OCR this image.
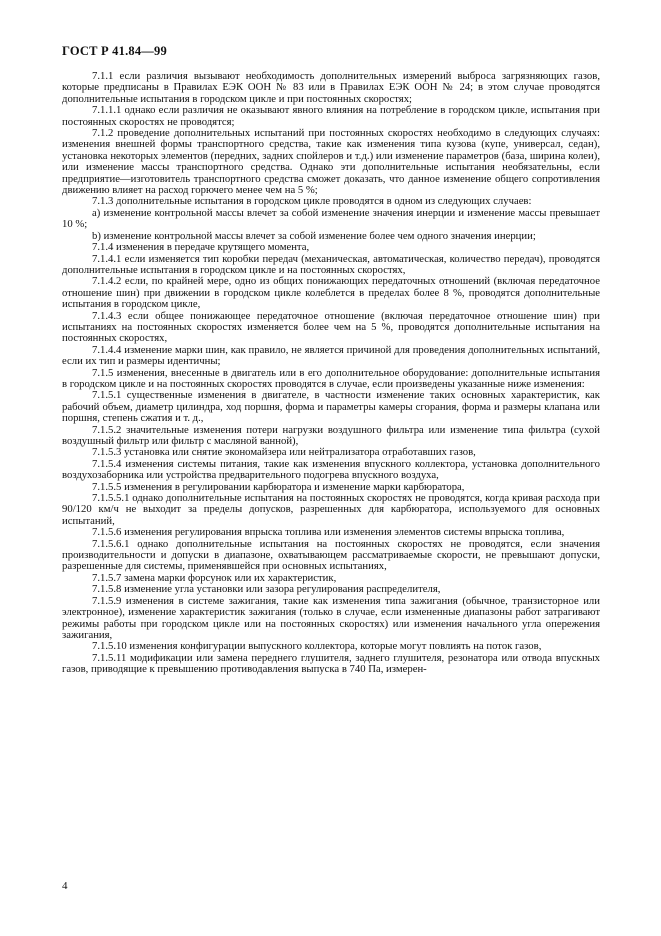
ГОСТ Р 41.84—99

7.1.1 если различия вызывают необходимость дополнительных измерений выброса загрязняющих газов, которые предписаны в Правилах ЕЭК ООН № 83 или в Правилах ЕЭК ООН № 24; в этом случае проводятся дополнительные испытания в городском цикле и при постоянных скоростях;

7.1.1.1 однако если различия не оказывают явного влияния на потребление в городском цикле, испытания при постоянных скоростях не проводятся;

7.1.2 проведение дополнительных испытаний при постоянных скоростях необходимо в следующих случаях: изменения внешней формы транспортного средства, такие как изменения типа кузова (купе, универсал, седан), установка некоторых элементов (передних, задних спойлеров и т.д.) или изменение параметров (база, ширина колеи), или изменение массы транспортного средства. Однако эти дополнительные испытания необязательны, если предприятие—изготовитель транспортного средства сможет доказать, что данное изменение общего сопротивления движению влияет на расход горючего менее чем на 5 %;

7.1.3 дополнительные испытания в городском цикле проводятся в одном из следующих случаев:

а) изменение контрольной массы влечет за собой изменение значения инерции и изменение массы превышает 10 %;

b) изменение контрольной массы влечет за собой изменение более чем одного значения инерции;

7.1.4 изменения в передаче крутящего момента,

7.1.4.1 если изменяется тип коробки передач (механическая, автоматическая, количество передач), проводятся дополнительные испытания в городском цикле и на постоянных скоростях,

7.1.4.2 если, по крайней мере, одно из общих понижающих передаточных отношений (включая передаточное отношение шин) при движении в городском цикле колеблется в пределах более 8 %, проводятся дополнительные испытания в городском цикле,

7.1.4.3 если общее понижающее передаточное отношение (включая передаточное отношение шин) при испытаниях на постоянных скоростях изменяется более чем на 5 %, проводятся дополнительные испытания на постоянных скоростях,

7.1.4.4 изменение марки шин, как правило, не является причиной для проведения дополнительных испытаний, если их тип и размеры идентичны;

7.1.5 изменения, внесенные в двигатель или в его дополнительное оборудование: дополнительные испытания в городском цикле и на постоянных скоростях проводятся в случае, если произведены указанные ниже изменения:

7.1.5.1 существенные изменения в двигателе, в частности изменение таких основных характеристик, как рабочий объем, диаметр цилиндра, ход поршня, форма и параметры камеры сгорания, форма и размеры клапана или поршня, степень сжатия и т. д.,

7.1.5.2 значительные изменения потери нагрузки воздушного фильтра или изменение типа фильтра (сухой воздушный фильтр или фильтр с масляной ванной),

7.1.5.3 установка или снятие экономайзера или нейтрализатора отработавших газов,

7.1.5.4 изменения системы питания, такие как изменения впускного коллектора, установка дополнительного воздухозаборника или устройства предварительного подогрева впускного воздуха,

7.1.5.5 изменения в регулировании карбюратора и изменение марки карбюратора,

7.1.5.5.1 однако дополнительные испытания на постоянных скоростях не проводятся, когда кривая расхода при 90/120 км/ч не выходит за пределы допусков, разрешенных для карбюратора, используемого для основных испытаний,

7.1.5.6 изменения регулирования впрыска топлива или изменения элементов системы впрыска топлива,

7.1.5.6.1 однако дополнительные испытания на постоянных скоростях не проводятся, если значения производительности и допуски в диапазоне, охватывающем рассматриваемые скорости, не превышают допуски, разрешенные для системы, применявшейся при основных испытаниях,

7.1.5.7 замена марки форсунок или их характеристик,

7.1.5.8 изменение угла установки или зазора регулирования распределителя,

7.1.5.9 изменения в системе зажигания, такие как изменения типа зажигания (обычное, транзисторное или электронное), изменение характеристик зажигания (только в случае, если измененные диапазоны работ затрагивают режимы работы при городском цикле или на постоянных скоростях) или изменения начального угла опережения зажигания,

7.1.5.10 изменения конфигурации выпускного коллектора, которые могут повлиять на поток газов,

7.1.5.11 модификации или замена переднего глушителя, заднего глушителя, резонатора или отвода впускных газов, приводящие к превышению противодавления выпуска в 740 Па, измерен-

4
